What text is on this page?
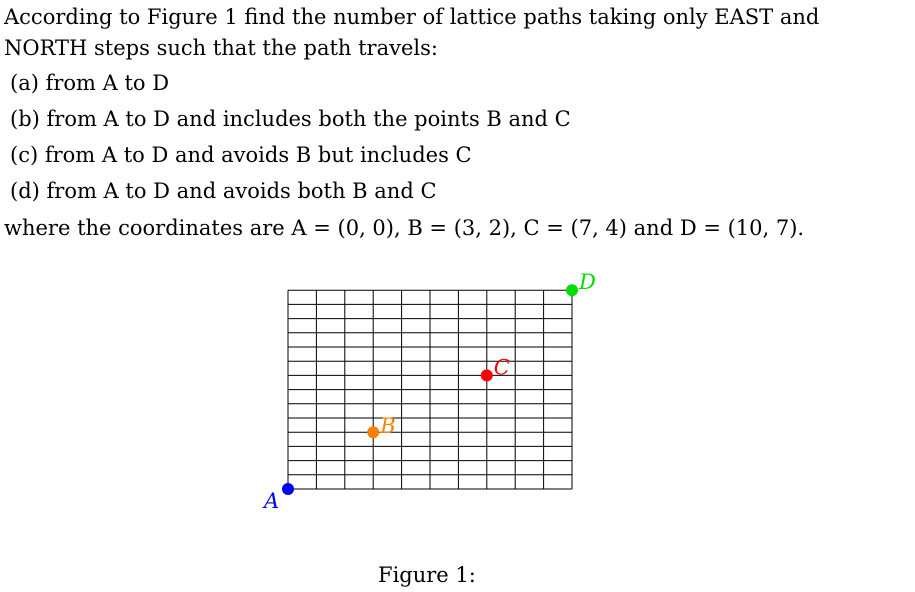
According to Figure 1 find the number of lattice paths taking only EAST and NORTH steps such that the path travels:

(a) from A to D
(b) from A to D and includes both the points B and C
(c) from A to D and avoids B but includes C
(d) from A to D and avoids both B and C

where the coordinates are A = (0, 0), B = (3, 2), C = (7, 4) and D = (10, 7).

A
B
C
D
Figure 1:
